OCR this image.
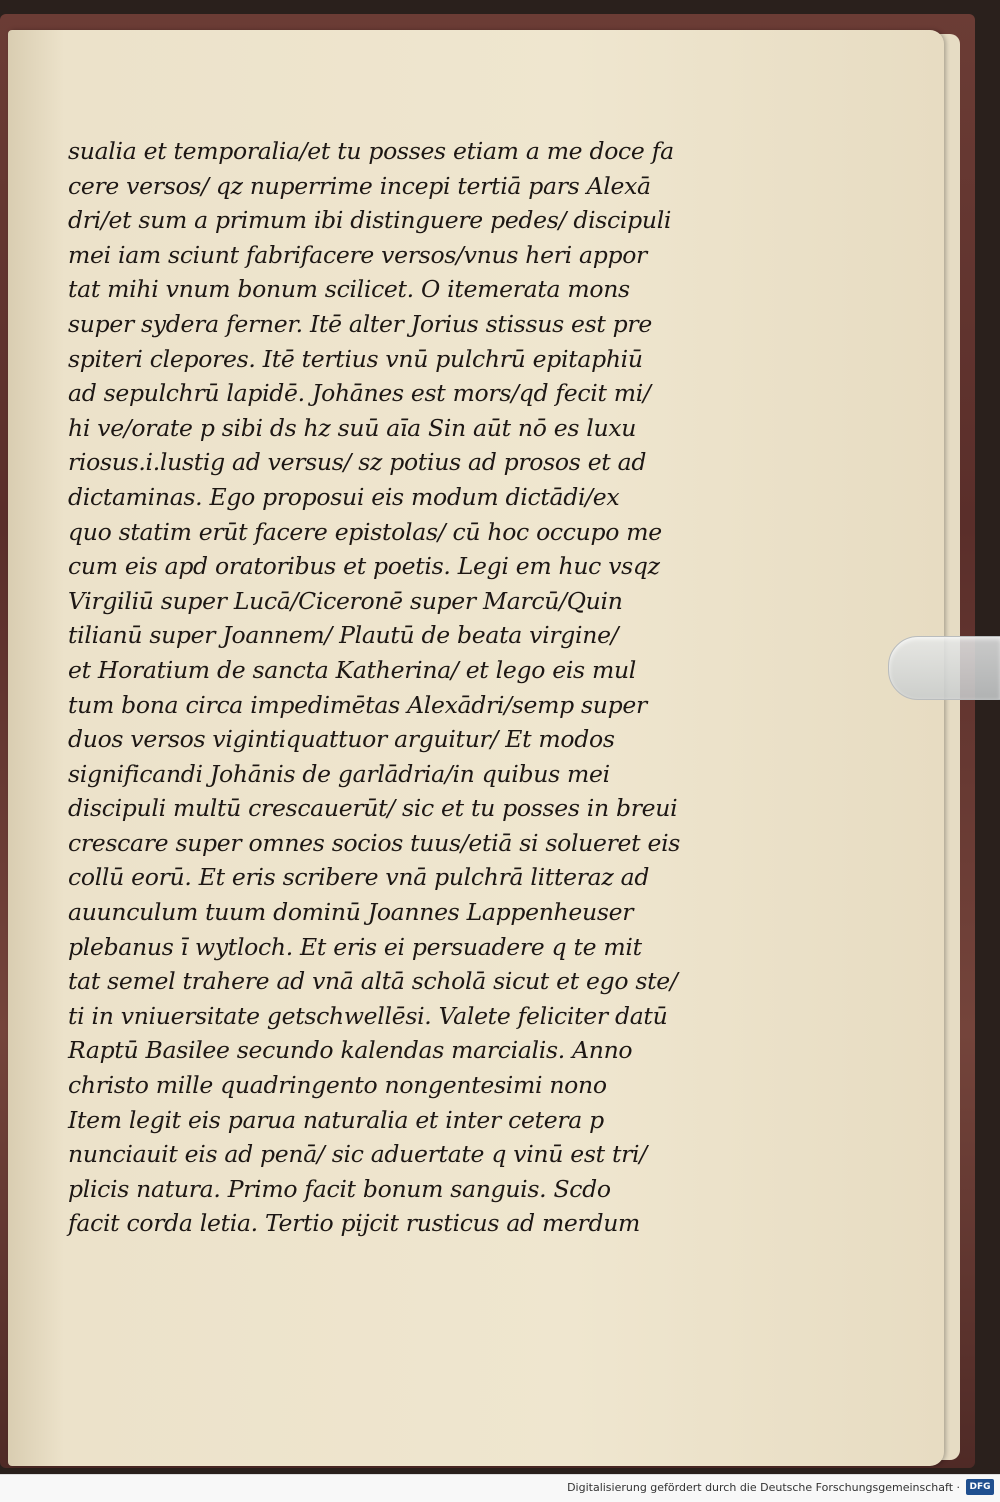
sualia et temporalia/et tu posses etiam a me doce fa
cere versos/ qz nuperrime incepi tertiā pars Alexā
dri/et sum a primum ibi distinguere pedes/ discipuli
mei iam sciunt fabrifacere versos/vnus heri appor
tat mihi vnum bonum scilicet. O itemerata mons
super sydera ferner. Itē alter Jorius stissus est pre
spiteri clepores. Itē tertius vnū pulchrū epitaphiū
ad sepulchrū lapidē. Johānes est mors/qd fecit mi/
hi ve/orate p sibi ds hz suū aīa Sin aūt nō es luxu
riosus.i.lustig ad versus/ sz potius ad prosos et ad
dictaminas. Ego proposui eis modum dictādi/ex
quo statim erūt facere epistolas/ cū hoc occupo me
cum eis apd oratoribus et poetis. Legi em huc vsqz
Virgiliū super Lucā/Ciceronē super Marcū/Quin
tilianū super Joannem/ Plautū de beata virgine/
et Horatium de sancta Katherina/ et lego eis mul
tum bona circa impedimētas Alexādri/semp super
duos versos vigintiquattuor arguitur/ Et modos
significandi Johānis de garlādria/in quibus mei
discipuli multū crescauerūt/ sic et tu posses in breui
crescare super omnes socios tuus/etiā si solueret eis
collū eorū. Et eris scribere vnā pulchrā litteraz ad
auunculum tuum dominū Joannes Lappenheuser
plebanus ī wytloch. Et eris ei persuadere q te mit
tat semel trahere ad vnā altā scholā sicut et ego ste/
ti in vniuersitate getschwellēsi. Valete feliciter datū
Raptū Basilee secundo kalendas marcialis. Anno
christo mille quadringento nongentesimi nono
Item legit eis parua naturalia et inter cetera p
nunciauit eis ad penā/ sic aduertate q vinū est tri/
plicis natura. Primo facit bonum sanguis. Scdo
facit corda letia. Tertio pijcit rusticus ad merdum
Digitalisierung gefördert durch die Deutsche Forschungsgemeinschaft ·	DFG
